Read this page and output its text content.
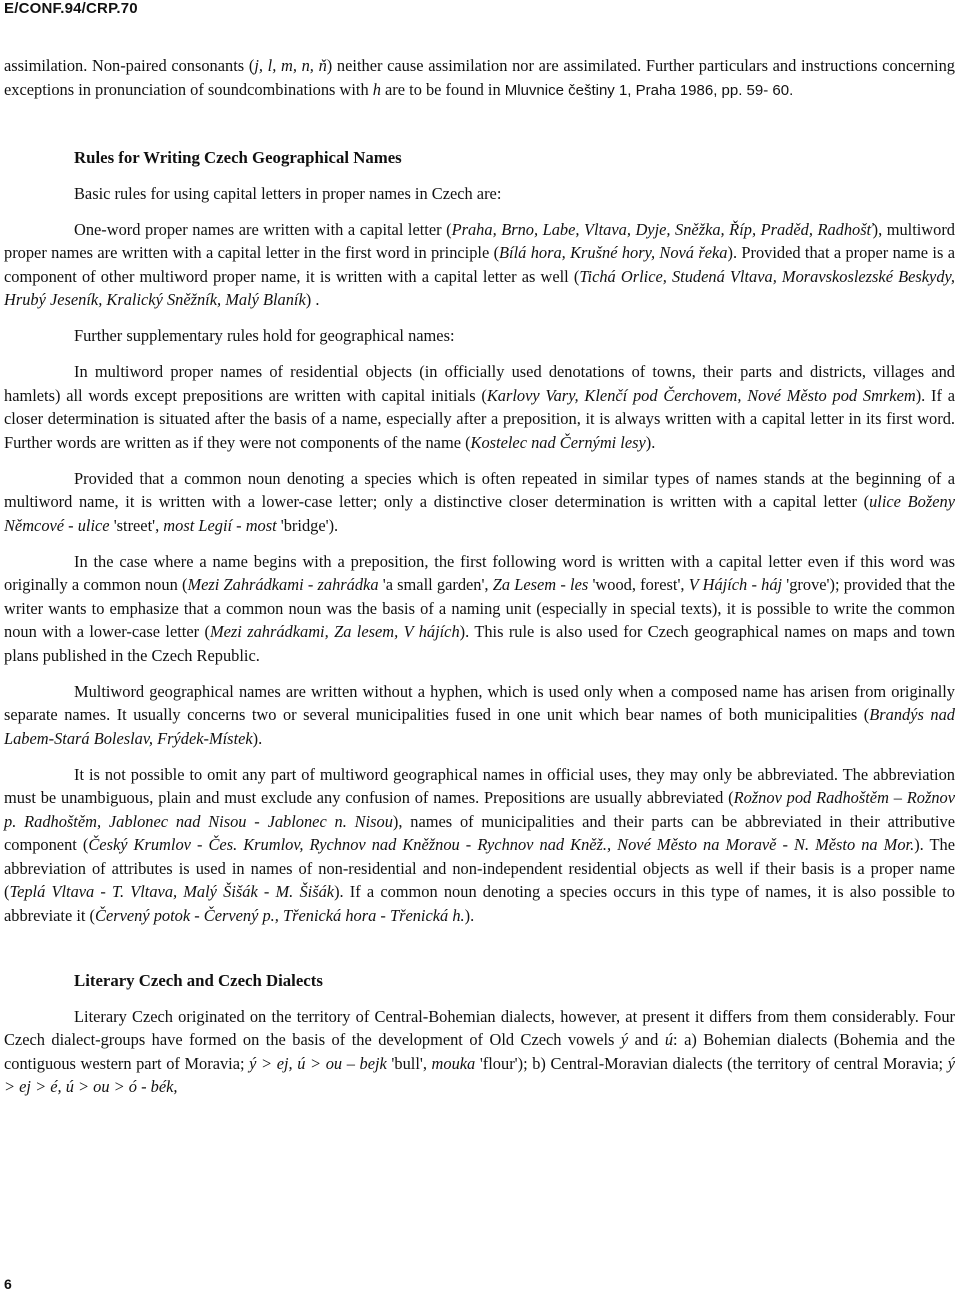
E/CONF.94/CRP.70

assimilation. Non-paired consonants (j, l, m, n, ň) neither cause assimilation nor are assimilated. Further particulars and instructions concerning exceptions in pronunciation of soundcombinations with h are to be found in Mluvnice češtiny 1, Praha 1986, pp. 59- 60.

Rules for Writing Czech Geographical Names

Basic rules for using capital letters in proper names in Czech are:

One-word proper names are written with a capital letter (Praha, Brno, Labe, Vltava, Dyje, Sněžka, Říp, Praděd, Radhošť), multiword proper names are written with a capital letter in the first word in principle (Bílá hora, Krušné hory, Nová řeka). Provided that a proper name is a component of other multiword proper name, it is written with a capital letter as well (Tichá Orlice, Studená Vltava, Moravskoslezské Beskydy, Hrubý Jeseník, Kralický Sněžník, Malý Blaník) .

Further supplementary rules hold for geographical names:

In multiword proper names of residential objects (in officially used denotations of towns, their parts and districts, villages and hamlets) all words except prepositions are written with capital initials (Karlovy Vary, Klenčí pod Čerchovem, Nové Město pod Smrkem). If a closer determination is situated after the basis of a name, especially after a preposition, it is always written with a capital letter in its first word. Further words are written as if they were not components of the name (Kostelec nad Černými lesy).

Provided that a common noun denoting a species which is often repeated in similar types of names stands at the beginning of a multiword name, it is written with a lower-case letter; only a distinctive closer determination is written with a capital letter (ulice Boženy Němcové - ulice 'street', most Legií - most 'bridge').

In the case where a name begins with a preposition, the first following word is written with a capital letter even if this word was originally a common noun (Mezi Zahrádkami - zahrádka 'a small garden', Za Lesem - les 'wood, forest', V Hájích - háj 'grove'); provided that the writer wants to emphasize that a common noun was the basis of a naming unit (especially in special texts), it is possible to write the common noun with a lower-case letter (Mezi zahrádkami, Za lesem, V hájích). This rule is also used for Czech geographical names on maps and town plans published in the Czech Republic.

Multiword geographical names are written without a hyphen, which is used only when a composed name has arisen from originally separate names. It usually concerns two or several municipalities fused in one unit which bear names of both municipalities (Brandýs nad Labem-Stará Boleslav, Frýdek-Místek).

It is not possible to omit any part of multiword geographical names in official uses, they may only be abbreviated. The abbreviation must be unambiguous, plain and must exclude any confusion of names. Prepositions are usually abbreviated (Rožnov pod Radhoštěm – Rožnov p. Radhoštěm, Jablonec nad Nisou - Jablonec n. Nisou), names of municipalities and their parts can be abbreviated in their attributive component (Český Krumlov - Čes. Krumlov, Rychnov nad Kněžnou - Rychnov nad Kněž., Nové Město na Moravě - N. Město na Mor.). The abbreviation of attributes is used in names of non-residential and non-independent residential objects as well if their basis is a proper name (Teplá Vltava - T. Vltava, Malý Šišák - M. Šišák). If a common noun denoting a species occurs in this type of names, it is also possible to abbreviate it (Červený potok - Červený p., Třenická hora - Třenická h.).

Literary Czech and Czech Dialects

Literary Czech originated on the territory of Central-Bohemian dialects, however, at present it differs from them considerably. Four Czech dialect-groups have formed on the basis of the development of Old Czech vowels ý and ú: a) Bohemian dialects (Bohemia and the contiguous western part of Moravia; ý > ej, ú > ou – bejk 'bull', mouka 'flour'); b) Central-Moravian dialects (the territory of central Moravia; ý > ej > é, ú > ou > ó - bék,

6
